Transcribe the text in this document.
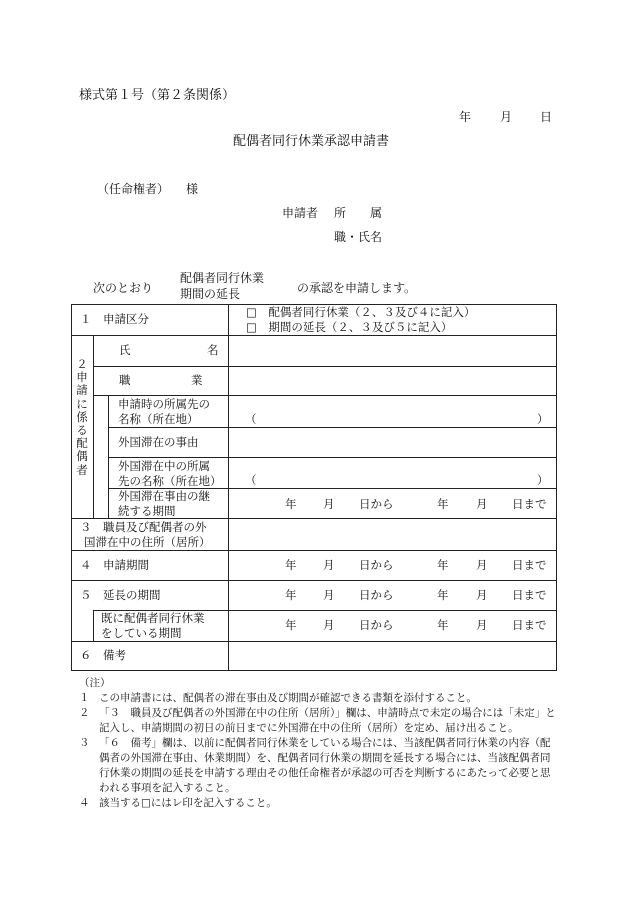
様式第１号（第２条関係）
年 月 日
配偶者同行休業承認申請書
（任命権者） 様
申請者 所　　属
職・氏名
次のとおり
配偶者同行休業
期間の延長	の承認を申請します。
１　申請区分	□　配偶者同行休業（２、３及び４に記入）
□　期間の延長（２、３及び５に記入）
２申請に係る配偶者
氏	名
職	業
申請時の所属先の
名称（所在地）	（	）
外国滞在の事由
外国滞在中の所属
先の名称（所在地） （	）
外国滞在事由の継
続する期間	年 月 日から	年 月 日まで
３　職員及び配偶者の外
国滞在中の住所（居所）
４　申請期間	年 月 日から	年 月 日まで
５　延長の期間	年 月 日から	年 月 日まで
既に配偶者同行休業
をしている期間
年 月 日から	年 月 日まで
６　備考
（注）
１ この申請書には、配偶者の滞在事由及び期間が確認できる書類を添付すること。
２ 「３　職員及び配偶者の外国滞在中の住所（居所）」欄は、申請時点で未定の場合には「未定」と記入し、申請期間の初日の前日までに外国滞在中の住所（居所）を定め、届け出ること。
３ 「６　備考」欄は、以前に配偶者同行休業をしている場合には、当該配偶者同行休業の内容（配偶者の外国滞在事由、休業期間）を、配偶者同行休業の期間を延長する場合には、当該配偶者同行休業の期間の延長を申請する理由その他任命権者が承認の可否を判断するにあたって必要と思われる事項を記入すること。
４ 該当する□にはレ印を記入すること。
